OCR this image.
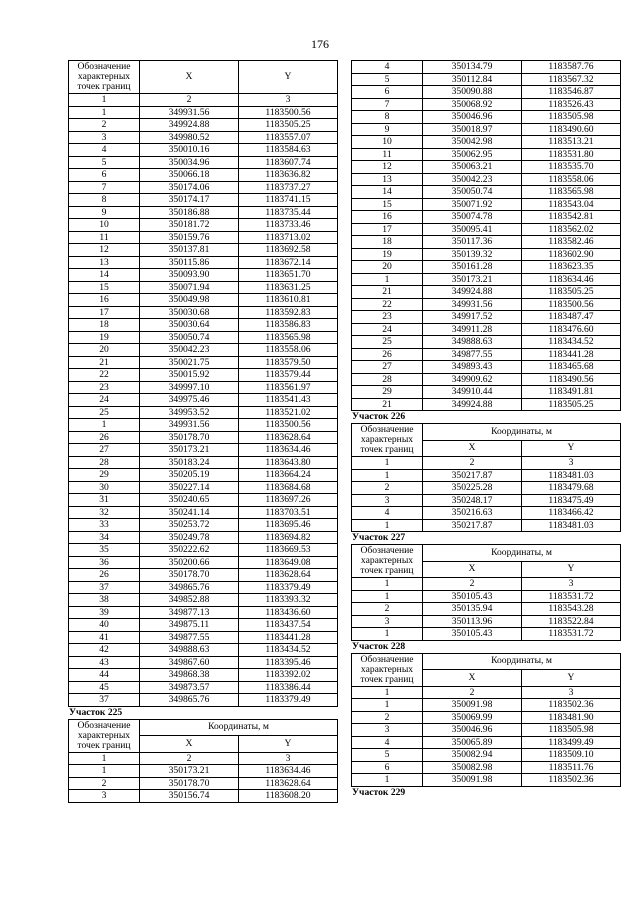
176
Обозначение характерных точек границ	X	Y
1	2	3
1	349931.56	1183500.56
2	349924.88	1183505.25
3	349980.52	1183557.07
4	350010.16	1183584.63
5	350034.96	1183607.74
6	350066.18	1183636.82
7	350174.06	1183737.27
8	350174.17	1183741.15
9	350186.88	1183735.44
10	350181.72	1183733.46
11	350159.76	1183713.02
12	350137.81	1183692.58
13	350115.86	1183672.14
14	350093.90	1183651.70
15	350071.94	1183631.25
16	350049.98	1183610.81
17	350030.68	1183592.83
18	350030.64	1183586.83
19	350050.74	1183565.98
20	350042.23	1183558.06
21	350021.75	1183579.50
22	350015.92	1183579.44
23	349997.10	1183561.97
24	349975.46	1183541.43
25	349953.52	1183521.02
1	349931.56	1183500.56
26	350178.70	1183628.64
27	350173.21	1183634.46
28	350183.24	1183643.80
29	350205.19	1183664.24
30	350227.14	1183684.68
31	350240.65	1183697.26
32	350241.14	1183703.51
33	350253.72	1183695.46
34	350249.78	1183694.82
35	350222.62	1183669.53
36	350200.66	1183649.08
26	350178.70	1183628.64
37	349865.76	1183379.49
38	349852.88	1183393.32
39	349877.13	1183436.60
40	349875.11	1183437.54
41	349877.55	1183441.28
42	349888.63	1183434.52
43	349867.60	1183395.46
44	349868.38	1183392.02
45	349873.57	1183386.44
37	349865.76	1183379.49
Участок 225
Обозначение характерных точек границ	Координаты, м	
	X	Y
1	2	3
1	350173.21	1183634.46
2	350178.70	1183628.64
3	350156.74	1183608.20
4	350134.79	1183587.76
5	350112.84	1183567.32
6	350090.88	1183546.87
7	350068.92	1183526.43
8	350046.96	1183505.98
9	350018.97	1183490.60
10	350042.98	1183513.21
11	350062.95	1183531.80
12	350063.21	1183535.70
13	350042.23	1183558.06
14	350050.74	1183565.98
15	350071.92	1183543.04
16	350074.78	1183542.81
17	350095.41	1183562.02
18	350117.36	1183582.46
19	350139.32	1183602.90
20	350161.28	1183623.35
1	350173.21	1183634.46
21	349924.88	1183505.25
22	349931.56	1183500.56
23	349917.52	1183487.47
24	349911.28	1183476.60
25	349888.63	1183434.52
26	349877.55	1183441.28
27	349893.43	1183465.68
28	349909.62	1183490.56
29	349910.44	1183491.81
21	349924.88	1183505.25
Участок 226
Обозначение характерных точек границ	Координаты, м	
	X	Y
1	2	3
1	350217.87	1183481.03
2	350225.28	1183479.68
3	350248.17	1183475.49
4	350216.63	1183466.42
1	350217.87	1183481.03
Участок 227
Обозначение характерных точек границ	Координаты, м	
	X	Y
1	2	3
1	350105.43	1183531.72
2	350135.94	1183543.28
3	350113.96	1183522.84
1	350105.43	1183531.72
Участок 228
Обозначение характерных точек границ	Координаты, м	
	X	Y
1	2	3
1	350091.98	1183502.36
2	350069.99	1183481.90
3	350046.96	1183505.98
4	350065.89	1183499.49
5	350082.94	1183509.10
6	350082.98	1183511.76
1	350091.98	1183502.36
Участок 229
